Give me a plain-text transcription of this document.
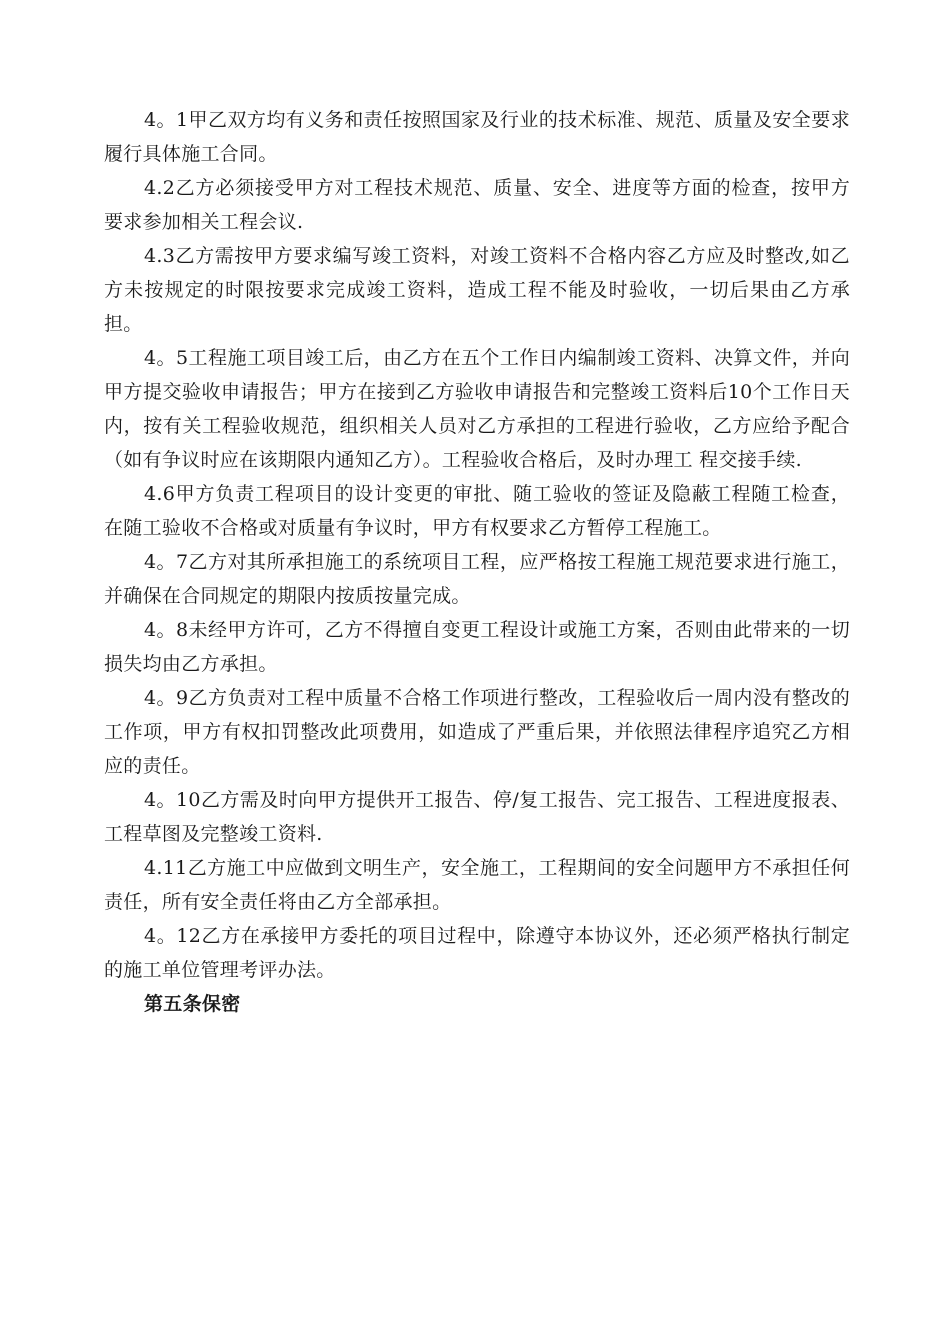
4。1甲乙双方均有义务和责任按照国家及行业的技术标准、规范、质量及安全要求履行具体施工合同。

4.2乙方必须接受甲方对工程技术规范、质量、安全、进度等方面的检查，按甲方要求参加相关工程会议.

4.3乙方需按甲方要求编写竣工资料，对竣工资料不合格内容乙方应及时整改,如乙方未按规定的时限按要求完成竣工资料，造成工程不能及时验收，一切后果由乙方承担。

4。5工程施工项目竣工后，由乙方在五个工作日内编制竣工资料、决算文件，并向甲方提交验收申请报告；甲方在接到乙方验收申请报告和完整竣工资料后10个工作日天内，按有关工程验收规范，组织相关人员对乙方承担的工程进行验收，乙方应给予配合（如有争议时应在该期限内通知乙方）。工程验收合格后，及时办理工 程交接手续.

4.6甲方负责工程项目的设计变更的审批、随工验收的签证及隐蔽工程随工检查，在随工验收不合格或对质量有争议时，甲方有权要求乙方暂停工程施工。

4。7乙方对其所承担施工的系统项目工程，应严格按工程施工规范要求进行施工，并确保在合同规定的期限内按质按量完成。

4。8未经甲方许可，乙方不得擅自变更工程设计或施工方案，否则由此带来的一切损失均由乙方承担。

4。9乙方负责对工程中质量不合格工作项进行整改，工程验收后一周内没有整改的工作项，甲方有权扣罚整改此项费用，如造成了严重后果，并依照法律程序追究乙方相应的责任。

4。10乙方需及时向甲方提供开工报告、停/复工报告、完工报告、工程进度报表、工程草图及完整竣工资料.

4.11乙方施工中应做到文明生产，安全施工，工程期间的安全问题甲方不承担任何责任，所有安全责任将由乙方全部承担。

4。12乙方在承接甲方委托的项目过程中，除遵守本协议外，还必须严格执行制定的施工单位管理考评办法。

第五条保密
